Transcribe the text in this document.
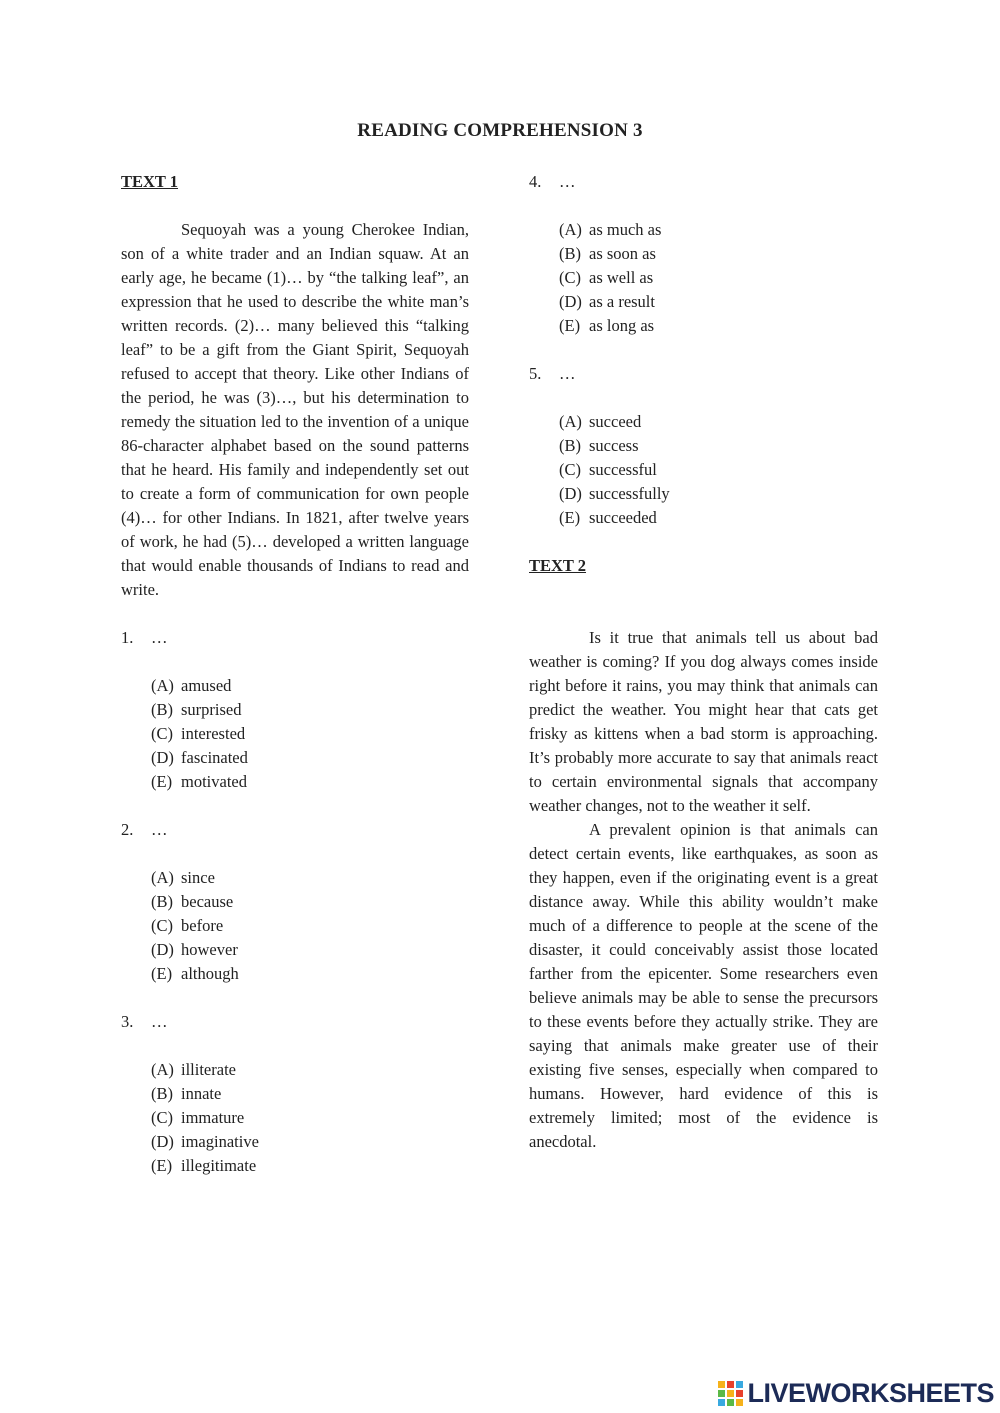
READING COMPREHENSION 3
TEXT 1

Sequoyah was a young Cherokee Indian, son of a white trader and an Indian squaw. At an early age, he became (1)… by “the talking leaf”, an expression that he used to describe the white man’s written records. (2)… many believed this “talking leaf” to be a gift from the Giant Spirit, Sequoyah refused to accept that theory. Like other Indians of the period, he was (3)…, but his determination to remedy the situation led to the invention of a unique 86-character alphabet based on the sound patterns that he heard. His family and independently set out to create a form of communication for own people (4)… for other Indians. In 1821, after twelve years of work, he had (5)… developed a written language that would enable thousands of Indians to read and write.

1.	…
(A) amused
(B) surprised
(C) interested
(D) fascinated
(E) motivated
2.	…
(A) since
(B) because
(C) before
(D) however
(E) although
3.	…
(A) illiterate
(B) innate
(C) immature
(D) imaginative
(E) illegitimate
4.	…
(A) as much as
(B) as soon as
(C) as well as
(D) as a result
(E) as long as
5.	…
(A) succeed
(B) success
(C) successful
(D) successfully
(E) succeeded
TEXT 2

Is it true that animals tell us about bad weather is coming? If you dog always comes inside right before it rains, you may think that animals can predict the weather. You might hear that cats get frisky as kittens when a bad storm is approaching. It’s probably more accurate to say that animals react to certain environmental signals that accompany weather changes, not to the weather it self.

A prevalent opinion is that animals can detect certain events, like earthquakes, as soon as they happen, even if the originating event is a great distance away. While this ability wouldn’t make much of a difference to people at the scene of the disaster, it could conceivably assist those located farther from the epicenter. Some researchers even believe animals may be able to sense the precursors to these events before they actually strike. They are saying that animals make greater use of their existing five senses, especially when compared to humans. However, hard evidence of this is extremely limited; most of the evidence is anecdotal.

LIVEWORKSHEETS
